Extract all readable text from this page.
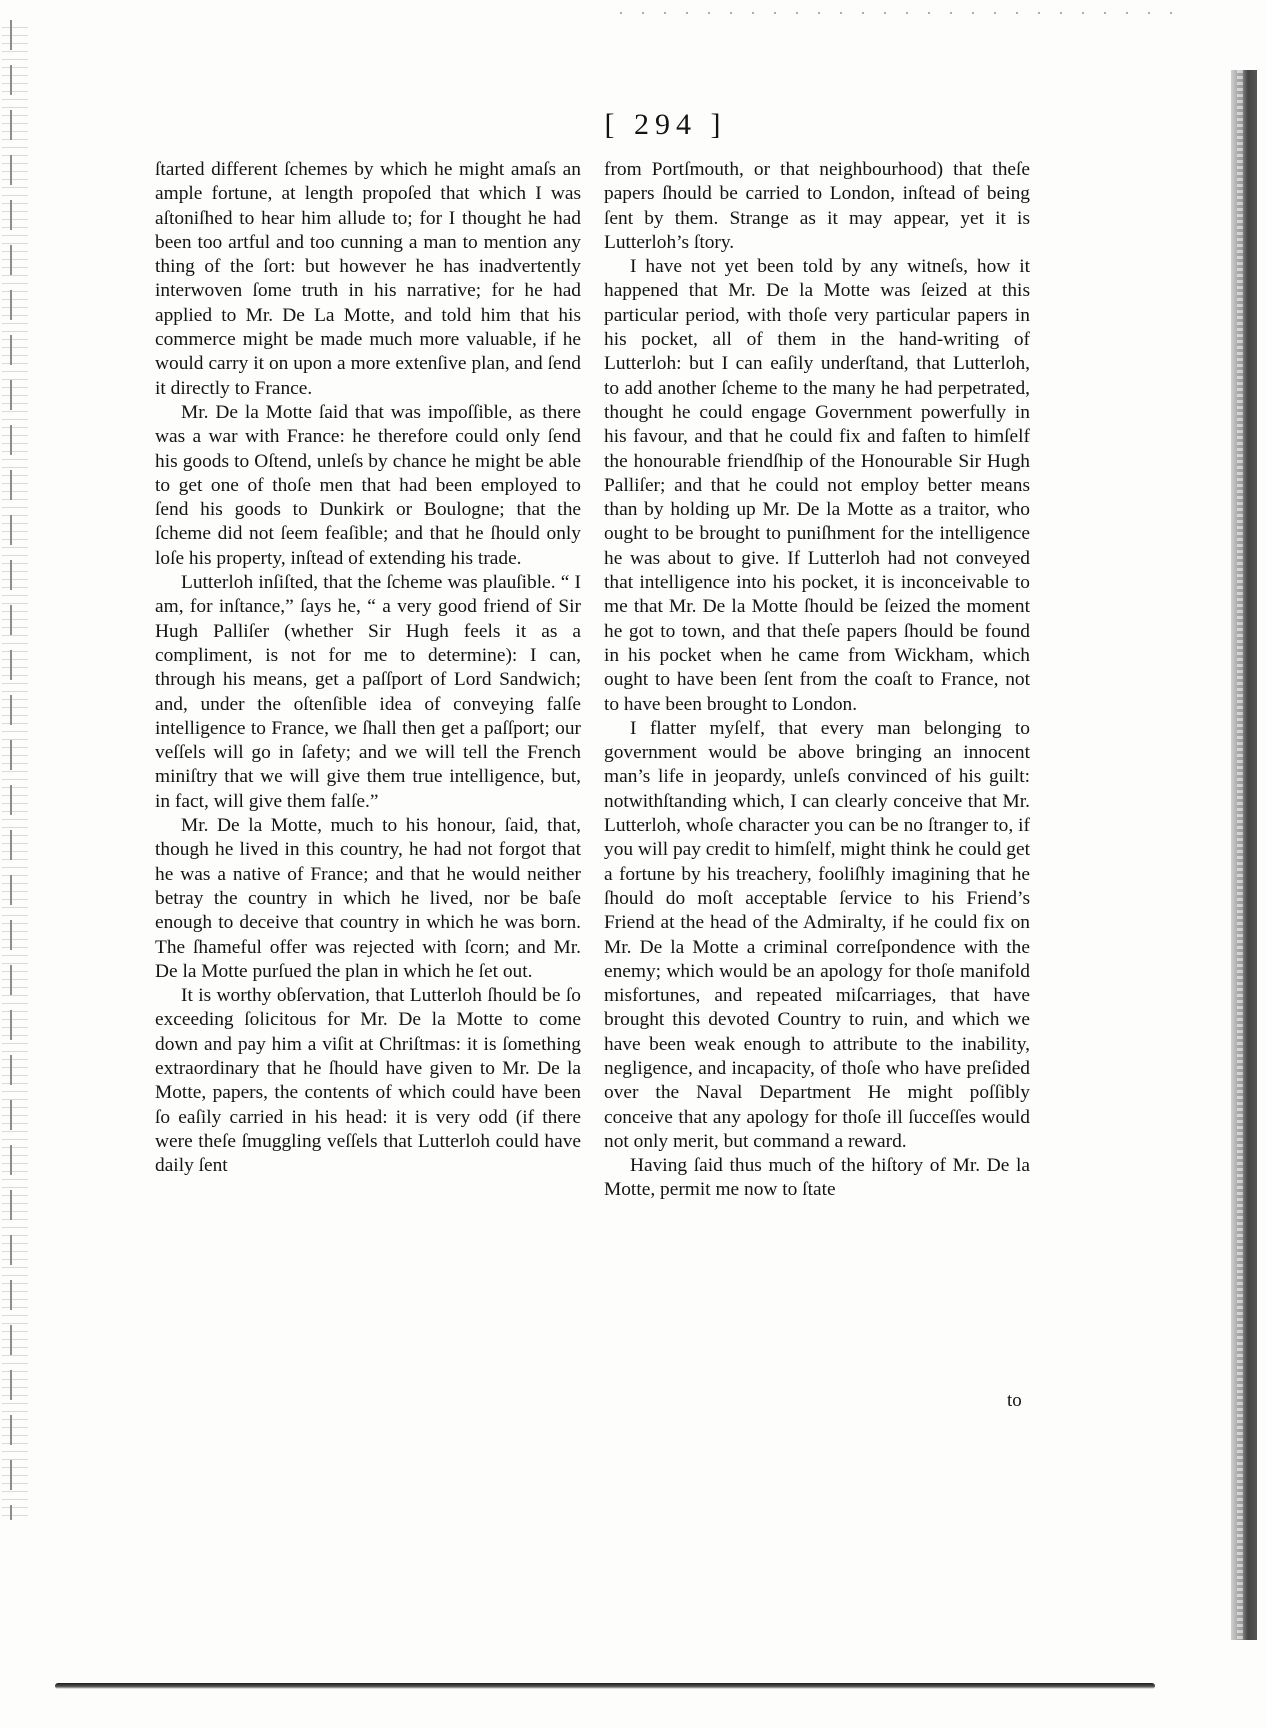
[ 294 ]

ſtarted different ſchemes by which he might amaſs an ample fortune, at length propoſed that which I was aſtoniſhed to hear him allude to; for I thought he had been too artful and too cunning a man to mention any thing of the ſort: but however he has inadvertently interwoven ſome truth in his narrative; for he had applied to Mr. De La Motte, and told him that his commerce might be made much more valuable, if he would carry it on upon a more extenſive plan, and ſend it directly to France.

Mr. De la Motte ſaid that was impoſſible, as there was a war with France: he therefore could only ſend his goods to Oſtend, unleſs by chance he might be able to get one of thoſe men that had been employed to ſend his goods to Dunkirk or Boulogne; that the ſcheme did not ſeem feaſible; and that he ſhould only loſe his property, inſtead of extending his trade.

Lutterloh inſiſted, that the ſcheme was plauſible. “ I am, for inſtance,” ſays he, “ a very good friend of Sir Hugh Palliſer (whether Sir Hugh feels it as a compliment, is not for me to determine): I can, through his means, get a paſſport of Lord Sandwich; and, under the oſtenſible idea of conveying falſe intelligence to France, we ſhall then get a paſſport; our veſſels will go in ſafety; and we will tell the French miniſtry that we will give them true intelligence, but, in fact, will give them falſe.”

Mr. De la Motte, much to his honour, ſaid, that, though he lived in this country, he had not forgot that he was a native of France; and that he would neither betray the country in which he lived, nor be baſe enough to deceive that country in which he was born. The ſhameful offer was rejected with ſcorn; and Mr. De la Motte purſued the plan in which he ſet out.

It is worthy obſervation, that Lutterloh ſhould be ſo exceeding ſolicitous for Mr. De la Motte to come down and pay him a viſit at Chriſtmas: it is ſomething extraordinary that he ſhould have given to Mr. De la Motte, papers, the contents of which could have been ſo eaſily carried in his head: it is very odd (if there were theſe ſmuggling veſſels that Lutterloh could have daily ſent

from Portſmouth, or that neighbourhood) that theſe papers ſhould be carried to London, inſtead of being ſent by them. Strange as it may appear, yet it is Lutterloh’s ſtory.

I have not yet been told by any witneſs, how it happened that Mr. De la Motte was ſeized at this particular period, with thoſe very particular papers in his pocket, all of them in the hand-writing of Lutterloh: but I can eaſily underſtand, that Lutterloh, to add another ſcheme to the many he had perpetrated, thought he could engage Government powerfully in his favour, and that he could fix and faſten to himſelf the honourable friendſhip of the Honourable Sir Hugh Palliſer; and that he could not employ better means than by holding up Mr. De la Motte as a traitor, who ought to be brought to puniſhment for the intelligence he was about to give. If Lutterloh had not conveyed that intelligence into his pocket, it is inconceivable to me that Mr. De la Motte ſhould be ſeized the moment he got to town, and that theſe papers ſhould be found in his pocket when he came from Wickham, which ought to have been ſent from the coaſt to France, not to have been brought to London.

I flatter myſelf, that every man belonging to government would be above bringing an innocent man’s life in jeopardy, unleſs convinced of his guilt: notwithſtanding which, I can clearly conceive that Mr. Lutterloh, whoſe character you can be no ſtranger to, if you will pay credit to himſelf, might think he could get a fortune by his treachery, fooliſhly imagining that he ſhould do moſt acceptable ſervice to his Friend’s Friend at the head of the Admiralty, if he could fix on Mr. De la Motte a criminal correſpondence with the enemy; which would be an apology for thoſe manifold misfortunes, and repeated miſcarriages, that have brought this devoted Country to ruin, and which we have been weak enough to attribute to the inability, negligence, and incapacity, of thoſe who have preſided over the Naval Department He might poſſibly conceive that any apology for thoſe ill ſucceſſes would not only merit, but command a reward.

Having ſaid thus much of the hiſtory of Mr. De la Motte, permit me now to ſtate

to
